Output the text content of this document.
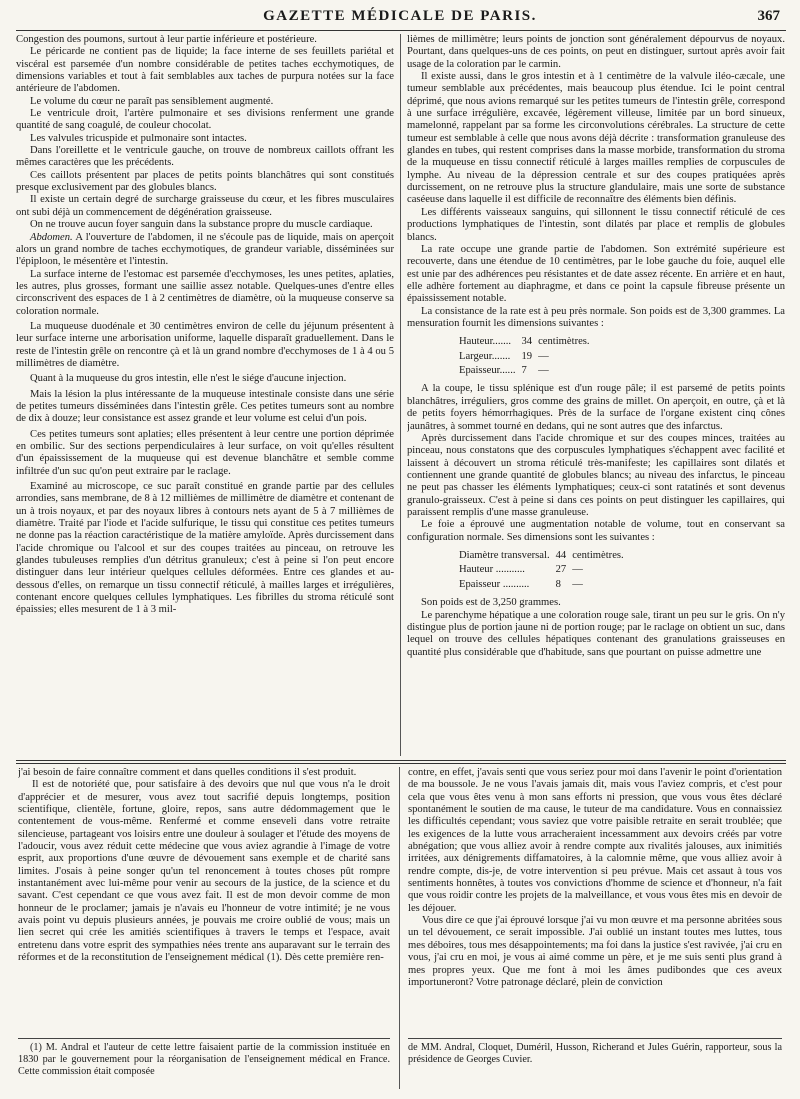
GAZETTE MÉDICALE DE PARIS.	367

Congestion des poumons, surtout à leur partie inférieure et postérieure.

Le péricarde ne contient pas de liquide; la face interne de ses feuillets pariétal et viscéral est parsemée d'un nombre considérable de petites taches ecchymotiques, de dimensions variables et tout à fait semblables aux taches de purpura notées sur la face antérieure de l'abdomen.

Le volume du cœur ne paraît pas sensiblement augmenté.

Le ventricule droit, l'artère pulmonaire et ses divisions renferment une grande quantité de sang coagulé, de couleur chocolat.

Les valvules tricuspide et pulmonaire sont intactes.

Dans l'oreillette et le ventricule gauche, on trouve de nombreux caillots offrant les mêmes caractères que les précédents.

Ces caillots présentent par places de petits points blanchâtres qui sont constitués presque exclusivement par des globules blancs.

Il existe un certain degré de surcharge graisseuse du cœur, et les fibres musculaires ont subi déjà un commencement de dégénération graisseuse.

On ne trouve aucun foyer sanguin dans la substance propre du muscle cardiaque.

Abdomen. A l'ouverture de l'abdomen, il ne s'écoule pas de liquide, mais on aperçoit alors un grand nombre de taches ecchymotiques, de grandeur variable, disséminées sur l'épiploon, le mésentère et l'intestin.

La surface interne de l'estomac est parsemée d'ecchymoses, les unes petites, aplaties, les autres, plus grosses, formant une saillie assez notable. Quelques-unes d'entre elles circonscrivent des espaces de 1 à 2 centimètres de diamètre, où la muqueuse conserve sa coloration normale.

La muqueuse duodénale et 30 centimètres environ de celle du jéjunum présentent à leur surface interne une arborisation uniforme, laquelle disparaît graduellement. Dans le reste de l'intestin grêle on rencontre çà et là un grand nombre d'ecchymoses de 1 à 4 ou 5 millimètres de diamètre.

Quant à la muqueuse du gros intestin, elle n'est le siége d'aucune injection.

Mais la lésion la plus intéressante de la muqueuse intestinale consiste dans une série de petites tumeurs disséminées dans l'intestin grêle. Ces petites tumeurs sont au nombre de dix à douze; leur consistance est assez grande et leur volume est celui d'un pois.

Ces petites tumeurs sont aplaties; elles présentent à leur centre une portion déprimée en ombilic. Sur des sections perpendiculaires à leur surface, on voit qu'elles résultent d'un épaississement de la muqueuse qui est devenue blanchâtre et semble comme infiltrée d'un suc qu'on peut extraire par le raclage.

Examiné au microscope, ce suc paraît constitué en grande partie par des cellules arrondies, sans membrane, de 8 à 12 millièmes de millimètre de diamètre et contenant de un à trois noyaux, et par des noyaux libres à contours nets ayant de 5 à 7 millièmes de diamètre. Traité par l'iode et l'acide sulfurique, le tissu qui constitue ces petites tumeurs ne donne pas la réaction caractéristique de la matière amyloïde. Après durcissement dans l'acide chromique ou l'alcool et sur des coupes traitées au pinceau, on retrouve les glandes tubuleuses remplies d'un détritus granuleux; c'est à peine si l'on peut encore distinguer dans leur intérieur quelques cellules déformées. Entre ces glandes et au-dessous d'elles, on remarque un tissu connectif réticulé, à mailles larges et irrégulières, contenant encore quelques cellules lymphatiques. Les fibrilles du stroma réticulé sont épaissies; elles mesurent de 1 à 3 mil-

lièmes de millimètre; leurs points de jonction sont généralement dépourvus de noyaux. Pourtant, dans quelques-uns de ces points, on peut en distinguer, surtout après avoir fait usage de la coloration par le carmin.

Il existe aussi, dans le gros intestin et à 1 centimètre de la valvule iléo-cæcale, une tumeur semblable aux précédentes, mais beaucoup plus étendue. Ici le point central déprimé, que nous avions remarqué sur les petites tumeurs de l'intestin grêle, correspond à une surface irrégulière, excavée, légèrement villeuse, limitée par un bord sinueux, mamelonné, rappelant par sa forme les circonvolutions cérébrales. La structure de cette tumeur est semblable à celle que nous avons déjà décrite : transformation granuleuse des glandes en tubes, qui restent comprises dans la masse morbide, transformation du stroma de la muqueuse en tissu connectif réticulé à larges mailles remplies de corpuscules de lymphe. Au niveau de la dépression centrale et sur des coupes pratiquées après durcissement, on ne retrouve plus la structure glandulaire, mais une sorte de substance caséeuse dans laquelle il est difficile de reconnaître des éléments bien définis.

Les différents vaisseaux sanguins, qui sillonnent le tissu connectif réticulé de ces productions lymphatiques de l'intestin, sont dilatés par place et remplis de globules blancs.

La rate occupe une grande partie de l'abdomen. Son extrémité supérieure est recouverte, dans une étendue de 10 centimètres, par le lobe gauche du foie, auquel elle est unie par des adhérences peu résistantes et de date assez récente. En arrière et en haut, elle adhère fortement au diaphragme, et dans ce point la capsule fibreuse présente un épaississement notable.

La consistance de la rate est à peu près normale. Son poids est de 3,300 grammes. La mensuration fournit les dimensions suivantes :

Hauteur.......	34	centimètres.
Largeur.......	19	—
Epaisseur......	7	—

A la coupe, le tissu splénique est d'un rouge pâle; il est parsemé de petits points blanchâtres, irréguliers, gros comme des grains de millet. On aperçoit, en outre, çà et là de petits foyers hémorrhagiques. Près de la surface de l'organe existent cinq cônes jaunâtres, à sommet tourné en dedans, qui ne sont autres que des infarctus.

Après durcissement dans l'acide chromique et sur des coupes minces, traitées au pinceau, nous constatons que des corpuscules lymphatiques s'échappent avec facilité et laissent à découvert un stroma réticulé très-manifeste; les capillaires sont dilatés et contiennent une grande quantité de globules blancs; au niveau des infarctus, le pinceau ne peut pas chasser les éléments lymphatiques; ceux-ci sont ratatinés et sont devenus granulo-graisseux. C'est à peine si dans ces points on peut distinguer les capillaires, qui paraissent remplis d'une masse granuleuse.

Le foie a éprouvé une augmentation notable de volume, tout en conservant sa configuration normale. Ses dimensions sont les suivantes :

Diamètre transversal.	44	centimètres.
Hauteur ...........	27	—
Epaisseur ..........	8	—

Son poids est de 3,250 grammes.

Le parenchyme hépatique a une coloration rouge sale, tirant un peu sur le gris. On n'y distingue plus de portion jaune ni de portion rouge; par le raclage on obtient un suc, dans lequel on trouve des cellules hépatiques contenant des granulations graisseuses en quantité plus considérable que d'habitude, sans que pourtant on puisse admettre une

j'ai besoin de faire connaître comment et dans quelles conditions il s'est produit.

Il est de notoriété que, pour satisfaire à des devoirs que nul que vous n'a le droit d'apprécier et de mesurer, vous avez tout sacrifié depuis longtemps, position scientifique, clientèle, fortune, gloire, repos, sans autre dédommagement que le contentement de vous-même. Renfermé et comme enseveli dans votre retraite silencieuse, partageant vos loisirs entre une douleur à soulager et l'étude des moyens de l'adoucir, vous avez réduit cette médecine que vous aviez agrandie à l'image de votre esprit, aux proportions d'une œuvre de dévouement sans exemple et de charité sans limites. J'osais à peine songer qu'un tel renoncement à toutes choses pût rompre instantanément avec lui-même pour venir au secours de la justice, de la science et du savant. C'est cependant ce que vous avez fait. Il est de mon devoir comme de mon honneur de le proclamer; jamais je n'avais eu l'honneur de votre intimité; je ne vous avais point vu depuis plusieurs années, je pouvais me croire oublié de vous; mais un lien secret qui crée les amitiés scientifiques à travers le temps et l'espace, avait entretenu dans votre esprit des sympathies nées trente ans auparavant sur le terrain des réformes et de la reconstitution de l'enseignement médical (1). Dès cette première ren-

contre, en effet, j'avais senti que vous seriez pour moi dans l'avenir le point d'orientation de ma boussole. Je ne vous l'avais jamais dit, mais vous l'aviez compris, et c'est pour cela que vous êtes venu à mon sans efforts ni pression, que vous vous êtes déclaré spontanément le soutien de ma cause, le tuteur de ma candidature. Vous en connaissiez les difficultés cependant; vous saviez que votre paisible retraite en serait troublée; que les exigences de la lutte vous arracheraient incessamment aux devoirs créés par votre abnégation; que vous alliez avoir à rendre compte aux rivalités jalouses, aux inimitiés irritées, aux dénigrements diffamatoires, à la calomnie même, que vous alliez avoir à rendre compte, dis-je, de votre intervention si peu prévue. Mais cet assaut à tous vos sentiments honnêtes, à toutes vos convictions d'homme de science et d'honneur, n'a fait que vous roidir contre les projets de la malveillance, et vous vous êtes mis en devoir de les déjouer.

Vous dire ce que j'ai éprouvé lorsque j'ai vu mon œuvre et ma personne abritées sous un tel dévouement, ce serait impossible. J'ai oublié un instant toutes mes luttes, tous mes déboires, tous mes désappointements; ma foi dans la justice s'est ravivée, j'ai cru en vous, j'ai cru en moi, je vous ai aimé comme un père, et je me suis senti plus grand à mes propres yeux. Que me font à moi les âmes pudibondes que ces aveux importuneront? Votre patronage déclaré, plein de conviction

(1) M. Andral et l'auteur de cette lettre faisaient partie de la commission instituée en 1830 par le gouvernement pour la réorganisation de l'enseignement médical en France. Cette commission était composée

de MM. Andral, Cloquet, Duméril, Husson, Richerand et Jules Guérin, rapporteur, sous la présidence de Georges Cuvier.
